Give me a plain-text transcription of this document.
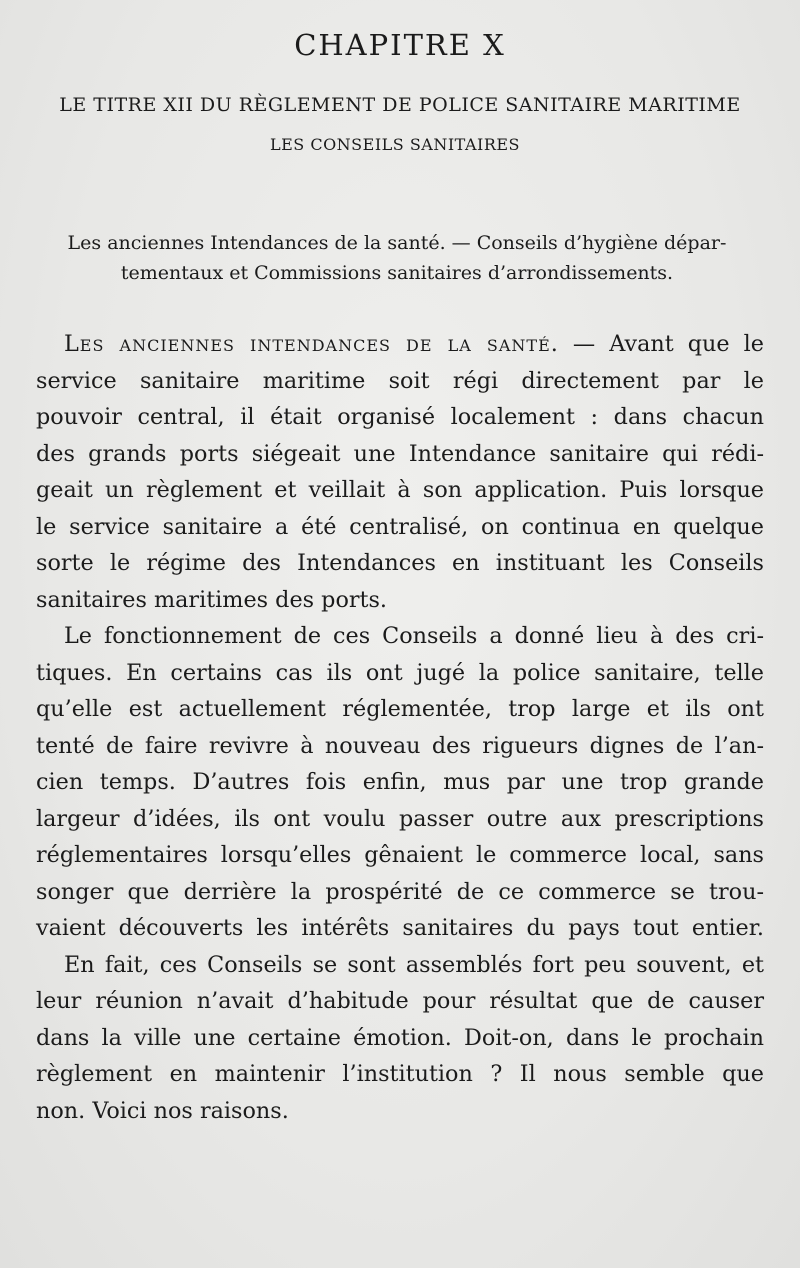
CHAPITRE X
LE TITRE XII DU RÈGLEMENT DE POLICE SANITAIRE MARITIME
LES CONSEILS SANITAIRES
Les anciennes Intendances de la santé. — Conseils d’hygiène dépar-
tementaux et Commissions sanitaires d’arrondissements.
Les anciennes intendances de la santé. — Avant que le
service sanitaire maritime soit régi directement par le
pouvoir central, il était organisé localement : dans chacun
des grands ports siégeait une Intendance sanitaire qui rédi-
geait un règlement et veillait à son application. Puis lorsque
le service sanitaire a été centralisé, on continua en quelque
sorte le régime des Intendances en instituant les Conseils
sanitaires maritimes des ports.
Le fonctionnement de ces Conseils a donné lieu à des cri-
tiques. En certains cas ils ont jugé la police sanitaire, telle
qu’elle est actuellement réglementée, trop large et ils ont
tenté de faire revivre à nouveau des rigueurs dignes de l’an-
cien temps. D’autres fois enfin, mus par une trop grande
largeur d’idées, ils ont voulu passer outre aux prescriptions
réglementaires lorsqu’elles gênaient le commerce local, sans
songer que derrière la prospérité de ce commerce se trou-
vaient découverts les intérêts sanitaires du pays tout entier.
En fait, ces Conseils se sont assemblés fort peu souvent, et
leur réunion n’avait d’habitude pour résultat que de causer
dans la ville une certaine émotion. Doit-on, dans le prochain
règlement en maintenir l’institution ? Il nous semble que
non. Voici nos raisons.
